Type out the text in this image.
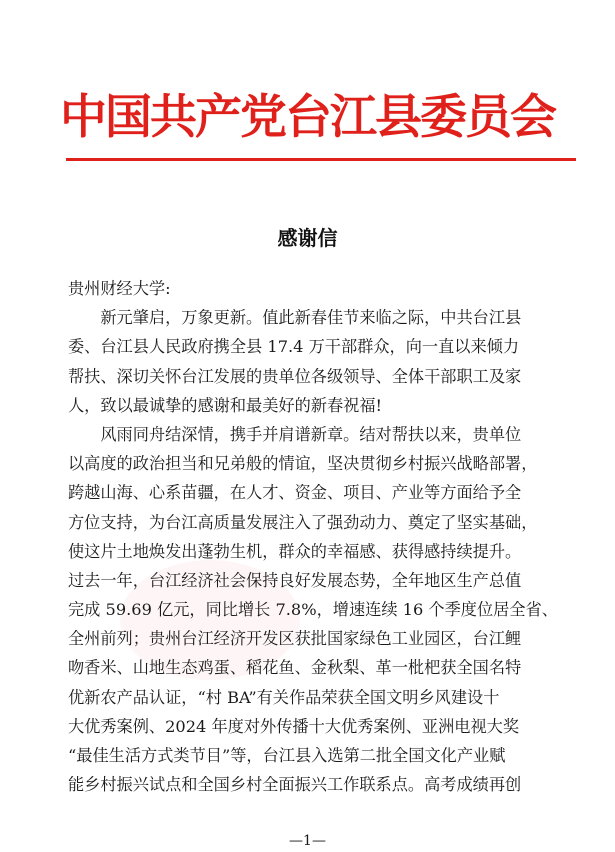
中国共产党台江县委员会
感谢信
贵州财经大学:
　　新元肇启，万象更新。值此新春佳节来临之际，中共台江县
委、台江县人民政府携全县 17.4 万干部群众，向一直以来倾力
帮扶、深切关怀台江发展的贵单位各级领导、全体干部职工及家
人，致以最诚挚的感谢和最美好的新春祝福!
　　风雨同舟结深情，携手并肩谱新章。结对帮扶以来，贵单位
以高度的政治担当和兄弟般的情谊，坚决贯彻乡村振兴战略部署，
跨越山海、心系苗疆，在人才、资金、项目、产业等方面给予全
方位支持，为台江高质量发展注入了强劲动力、奠定了坚实基础，
使这片土地焕发出蓬勃生机，群众的幸福感、获得感持续提升。
过去一年，台江经济社会保持良好发展态势，全年地区生产总值
完成 59.69 亿元，同比增长 7.8%，增速连续 16 个季度位居全省、
全州前列；贵州台江经济开发区获批国家绿色工业园区，台江鲤
吻香米、山地生态鸡蛋、稻花鱼、金秋梨、革一枇杷获全国名特
优新农产品认证，“村 BA”有关作品荣获全国文明乡风建设十
大优秀案例、2024 年度对外传播十大优秀案例、亚洲电视大奖
“最佳生活方式类节目”等，台江县入选第二批全国文化产业赋
能乡村振兴试点和全国乡村全面振兴工作联系点。高考成绩再创
—1—
